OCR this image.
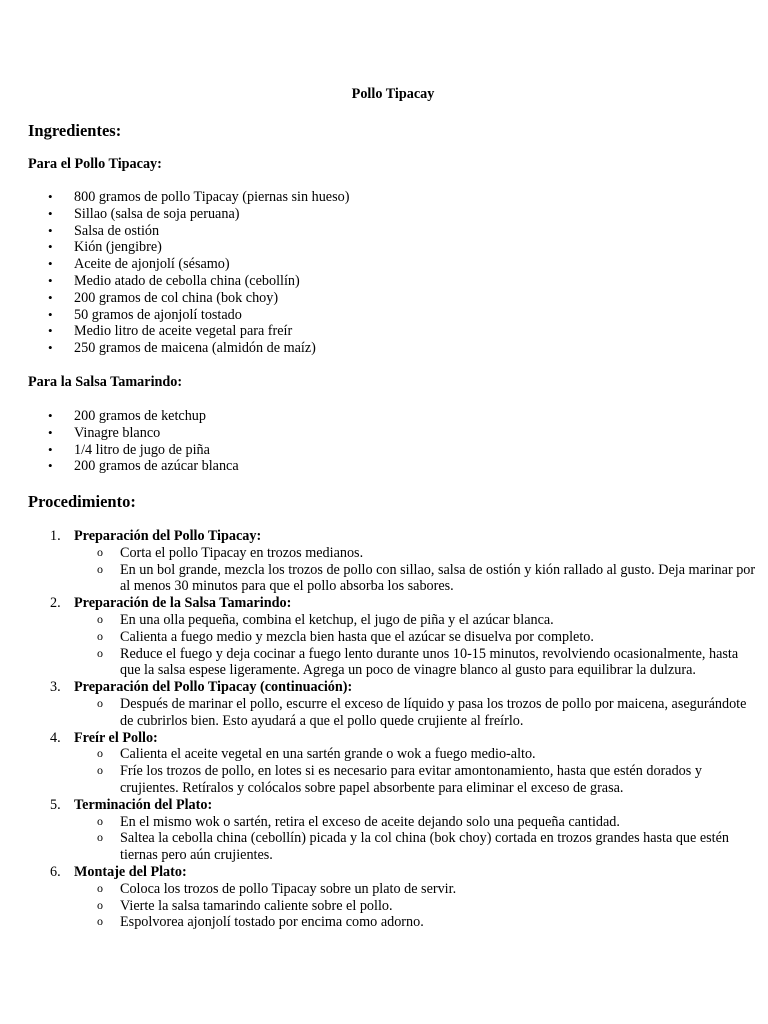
Pollo Tipacay
Ingredientes:
Para el Pollo Tipacay:
• 800 gramos de pollo Tipacay (piernas sin hueso)
• Sillao (salsa de soja peruana)
• Salsa de ostión
• Kión (jengibre)
• Aceite de ajonjolí (sésamo)
• Medio atado de cebolla china (cebollín)
• 200 gramos de col china (bok choy)
• 50 gramos de ajonjolí tostado
• Medio litro de aceite vegetal para freír
• 250 gramos de maicena (almidón de maíz)
Para la Salsa Tamarindo:
• 200 gramos de ketchup
• Vinagre blanco
• 1/4 litro de jugo de piña
• 200 gramos de azúcar blanca
Procedimiento:
1. Preparación del Pollo Tipacay:
o Corta el pollo Tipacay en trozos medianos.
o En un bol grande, mezcla los trozos de pollo con sillao, salsa de ostión y kión rallado al gusto. Deja marinar por al menos 30 minutos para que el pollo absorba los sabores.
2. Preparación de la Salsa Tamarindo:
o En una olla pequeña, combina el ketchup, el jugo de piña y el azúcar blanca.
o Calienta a fuego medio y mezcla bien hasta que el azúcar se disuelva por completo.
o Reduce el fuego y deja cocinar a fuego lento durante unos 10-15 minutos, revolviendo ocasionalmente, hasta que la salsa espese ligeramente. Agrega un poco de vinagre blanco al gusto para equilibrar la dulzura.
3. Preparación del Pollo Tipacay (continuación):
o Después de marinar el pollo, escurre el exceso de líquido y pasa los trozos de pollo por maicena, asegurándote de cubrirlos bien. Esto ayudará a que el pollo quede crujiente al freírlo.
4. Freír el Pollo:
o Calienta el aceite vegetal en una sartén grande o wok a fuego medio-alto.
o Fríe los trozos de pollo, en lotes si es necesario para evitar amontonamiento, hasta que estén dorados y crujientes. Retíralos y colócalos sobre papel absorbente para eliminar el exceso de grasa.
5. Terminación del Plato:
o En el mismo wok o sartén, retira el exceso de aceite dejando solo una pequeña cantidad.
o Saltea la cebolla china (cebollín) picada y la col china (bok choy) cortada en trozos grandes hasta que estén tiernas pero aún crujientes.
6. Montaje del Plato:
o Coloca los trozos de pollo Tipacay sobre un plato de servir.
o Vierte la salsa tamarindo caliente sobre el pollo.
o Espolvorea ajonjolí tostado por encima como adorno.
